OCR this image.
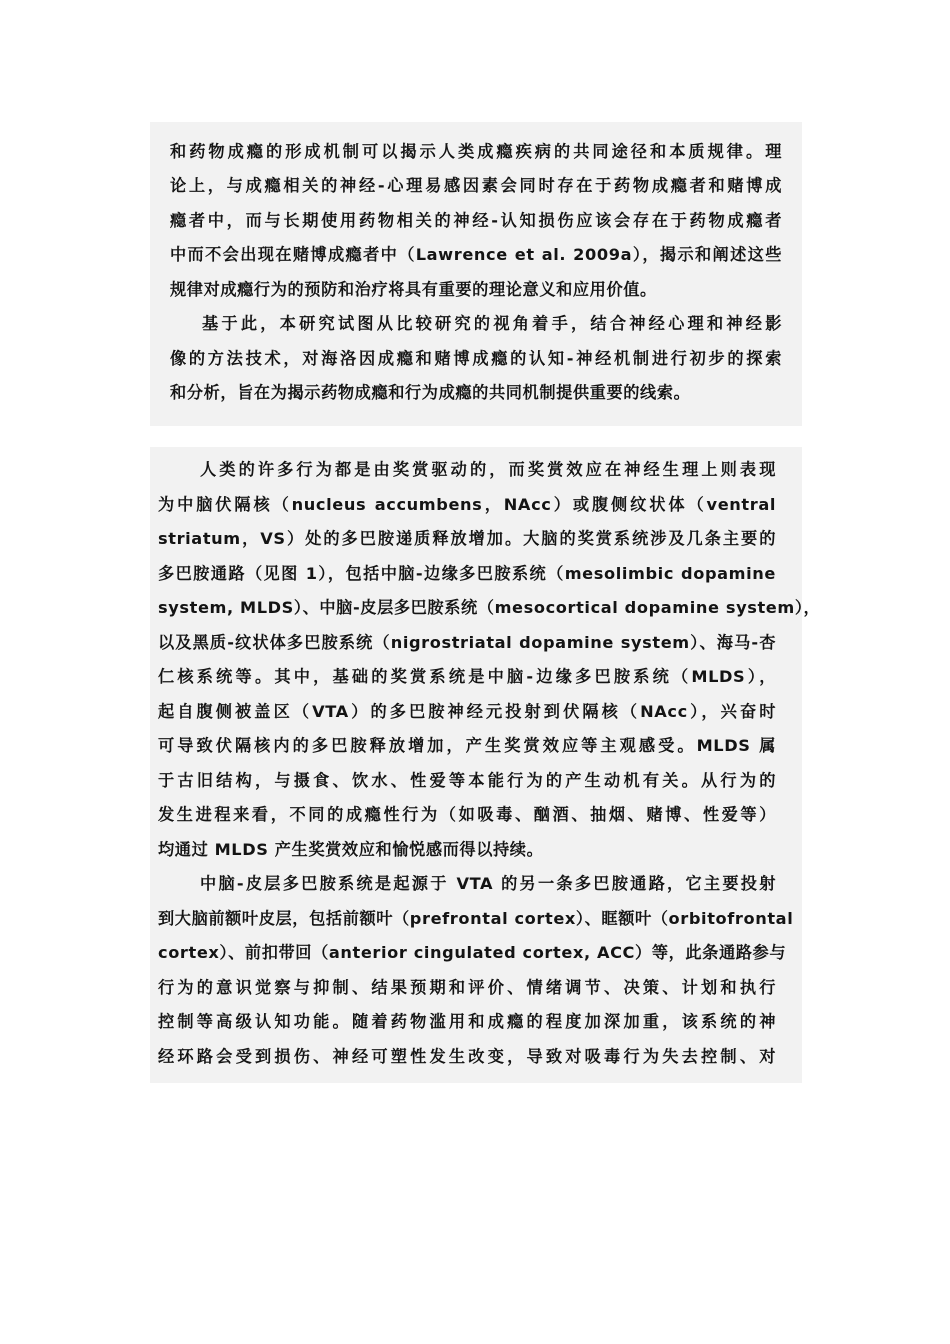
和药物成瘾的形成机制可以揭示人类成瘾疾病的共同途径和本质规律。理
论上，与成瘾相关的神经-心理易感因素会同时存在于药物成瘾者和赌博成
瘾者中，而与长期使用药物相关的神经-认知损伤应该会存在于药物成瘾者
中而不会出现在赌博成瘾者中（Lawrence et al. 2009a），揭示和阐述这些
规律对成瘾行为的预防和治疗将具有重要的理论意义和应用价值。
基于此，本研究试图从比较研究的视角着手，结合神经心理和神经影
像的方法技术，对海洛因成瘾和赌博成瘾的认知-神经机制进行初步的探索
和分析，旨在为揭示药物成瘾和行为成瘾的共同机制提供重要的线索。
人类的许多行为都是由奖赏驱动的，而奖赏效应在神经生理上则表现
为中脑伏隔核（nucleus accumbens，NAcc）或腹侧纹状体（ventral
striatum，VS）处的多巴胺递质释放增加。大脑的奖赏系统涉及几条主要的
多巴胺通路（见图 1），包括中脑-边缘多巴胺系统（mesolimbic dopamine
system, MLDS）、中脑-皮层多巴胺系统（mesocortical dopamine system），
以及黑质-纹状体多巴胺系统（nigrostriatal dopamine system）、海马-杏
仁核系统等。其中，基础的奖赏系统是中脑-边缘多巴胺系统（MLDS），
起自腹侧被盖区（VTA）的多巴胺神经元投射到伏隔核（NAcc），兴奋时
可导致伏隔核内的多巴胺释放增加，产生奖赏效应等主观感受。MLDS 属
于古旧结构，与摄食、饮水、性爱等本能行为的产生动机有关。从行为的
发生进程来看，不同的成瘾性行为（如吸毒、酗酒、抽烟、赌博、性爱等）
均通过 MLDS 产生奖赏效应和愉悦感而得以持续。
中脑-皮层多巴胺系统是起源于 VTA 的另一条多巴胺通路，它主要投射
到大脑前额叶皮层，包括前额叶（prefrontal cortex）、眶额叶（orbitofrontal
cortex）、前扣带回（anterior cingulated cortex, ACC）等，此条通路参与
行为的意识觉察与抑制、结果预期和评价、情绪调节、决策、计划和执行
控制等高级认知功能。随着药物滥用和成瘾的程度加深加重，该系统的神
经环路会受到损伤、神经可塑性发生改变，导致对吸毒行为失去控制、对
